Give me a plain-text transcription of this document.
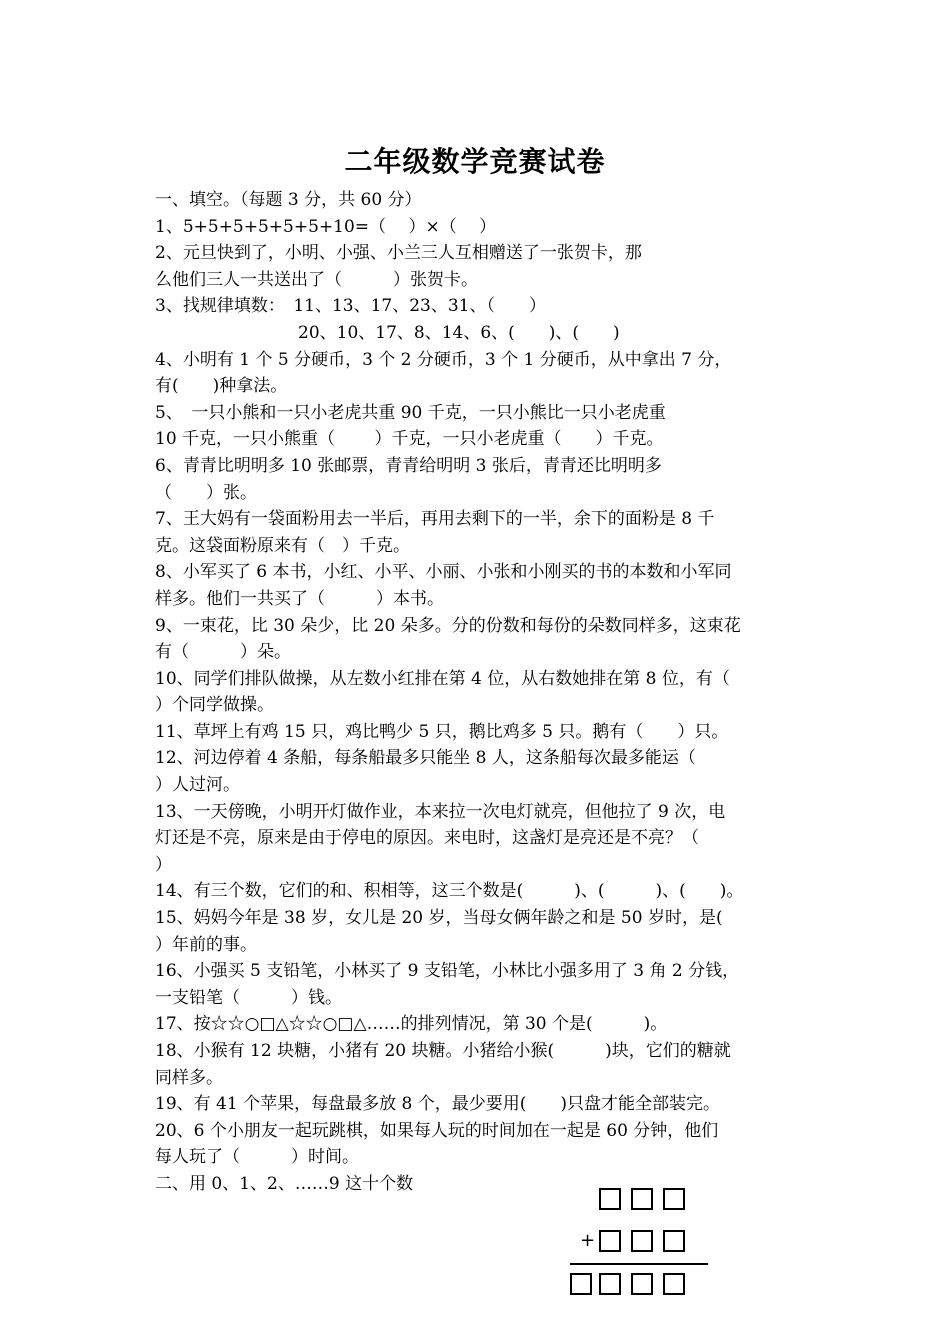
二年级数学竞赛试卷
一、填空。（每题 3 分，共 60 分）
1、5+5+5+5+5+5+10=（　 ）×（　 ）
2、元旦快到了，小明、小强、小兰三人互相赠送了一张贺卡，那
么他们三人一共送出了（　　　）张贺卡。
3、找规律填数：　11、13、17、23、31、（　　）
20、10、17、8、14、6、(　　)、(　　)
4、小明有 1 个 5 分硬币，3 个 2 分硬币，3 个 1 分硬币，从中拿出 7 分，
有(　　)种拿法。
5、　一只小熊和一只小老虎共重 90 千克，一只小熊比一只小老虎重
10 千克，一只小熊重（　　 ）千克，一只小老虎重（　　）千克。
6、青青比明明多 10 张邮票，青青给明明 3 张后，青青还比明明多
（　　）张。
7、王大妈有一袋面粉用去一半后，再用去剩下的一半，余下的面粉是 8 千
克。这袋面粉原来有（　）千克。
8、小军买了 6 本书，小红、小平、小丽、小张和小刚买的书的本数和小军同
样多。他们一共买了（　　　）本书。
9、一束花，比 30 朵少，比 20 朵多。分的份数和每份的朵数同样多，这束花
有（　　　）朵。
10、同学们排队做操，从左数小红排在第 4 位，从右数她排在第 8 位，有（
）个同学做操。
11、草坪上有鸡 15 只，鸡比鸭少 5 只，鹅比鸡多 5 只。鹅有（　　）只。
12、河边停着 4 条船，每条船最多只能坐 8 人，这条船每次最多能运（
）人过河。
13、一天傍晚，小明开灯做作业，本来拉一次电灯就亮，但他拉了 9 次，电
灯还是不亮，原来是由于停电的原因。来电时，这盏灯是亮还是不亮？（
）
14、有三个数，它们的和、积相等，这三个数是(　　　)、(　　　)、(　　)。
15、妈妈今年是 38 岁，女儿是 20 岁，当母女俩年龄之和是 50 岁时，是(
）年前的事。
16、小强买 5 支铅笔，小林买了 9 支铅笔，小林比小强多用了 3 角 2 分钱，
一支铅笔（　　　）钱。
17、按☆☆○□△☆☆○□△……的排列情况，第 30 个是(　　　)。
18、小猴有 12 块糖，小猪有 20 块糖。小猪给小猴(　　　)块，它们的糖就
同样多。
19、有 41 个苹果，每盘最多放 8 个，最少要用(　　)只盘才能全部装完。
20、6 个小朋友一起玩跳棋，如果每人玩的时间加在一起是 60 分钟，他们
每人玩了（　　　）时间。
二、用 0、1、2、……9 这十个数
+
